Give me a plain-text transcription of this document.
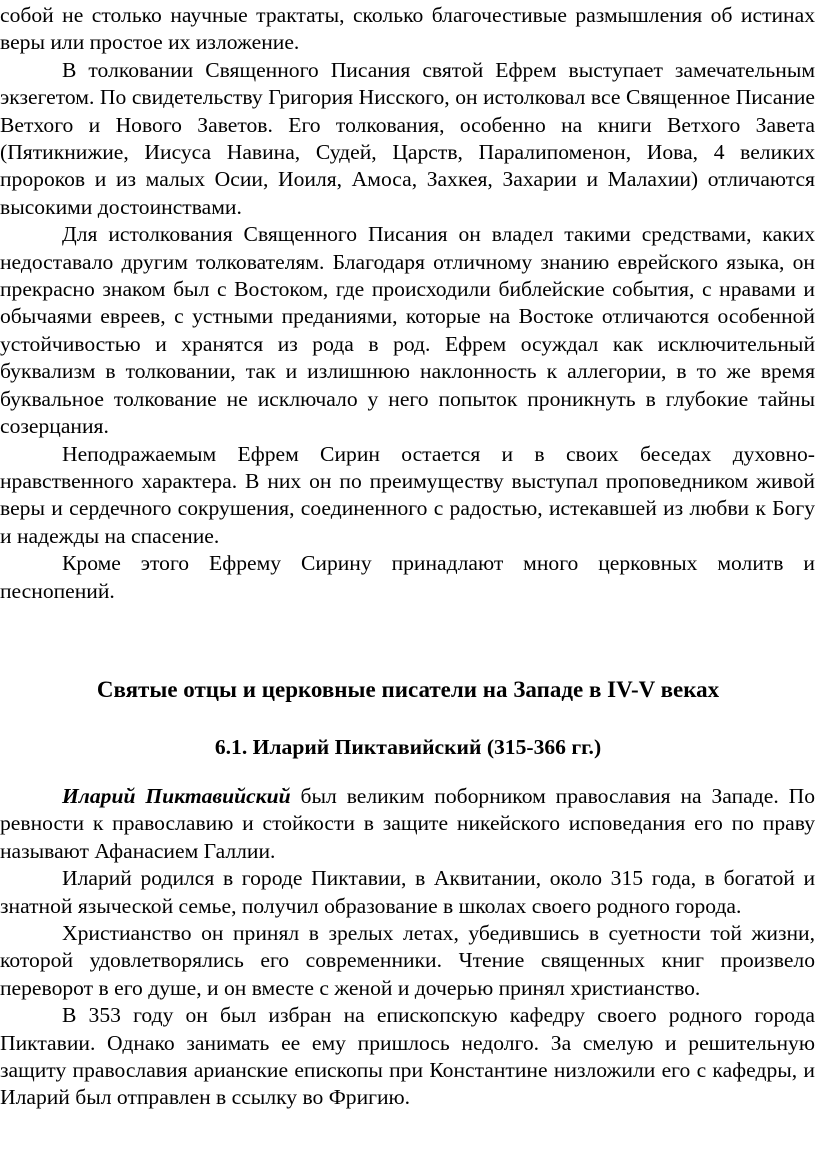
собой не столько научные трактаты, сколько благочестивые размышления об истинах веры или простое их изложение.

В толковании Священного Писания святой Ефрем выступает замечательным экзегетом. По свидетельству Григория Нисского, он истолковал все Священное Писание Ветхого и Нового Заветов. Его толкования, особенно на книги Ветхого Завета (Пятикнижие, Иисуса Навина, Судей, Царств, Паралипоменон, Иова, 4 великих пророков и из малых Осии, Иоиля, Амоса, Захкея, Захарии и Малахии) отличаются высокими достоинствами.

Для истолкования Священного Писания он владел такими средствами, каких недоставало другим толкователям. Благодаря отличному знанию еврейского языка, он прекрасно знаком был с Востоком, где происходили библейские события, с нравами и обычаями евреев, с устными преданиями, которые на Востоке отличаются особенной устойчивостью и хранятся из рода в род. Ефрем осуждал как исключительный буквализм в толковании, так и излишнюю наклонность к аллегории, в то же время буквальное толкование не исключало у него попыток проникнуть в глубокие тайны созерцания.

Неподражаемым Ефрем Сирин остается и в своих беседах духовно-нравственного характера. В них он по преимуществу выступал проповедником живой веры и сердечного сокрушения, соединенного с радостью, истекавшей из любви к Богу и надежды на спасение.

Кроме этого Ефрему Сирину принадлают много церковных молитв и песнопений.

Святые отцы и церковные писатели на Западе в IV-V веках
6.1. Иларий Пиктавийский (315-366 гг.)

Иларий Пиктавийский был великим поборником православия на Западе. По ревности к православию и стойкости в защите никейского исповедания его по праву называют Афанасием Галлии.

Иларий родился в городе Пиктавии, в Аквитании, около 315 года, в богатой и знатной языческой семье, получил образование в школах своего родного города.

Христианство он принял в зрелых летах, убедившись в суетности той жизни, которой удовлетворялись его современники. Чтение священных книг произвело переворот в его душе, и он вместе с женой и дочерью принял христианство.

В 353 году он был избран на епископскую кафедру своего родного города Пиктавии. Однако занимать ее ему пришлось недолго. За смелую и решительную защиту православия арианские епископы при Константине низложили его с кафедры, и Иларий был отправлен в ссылку во Фригию.
